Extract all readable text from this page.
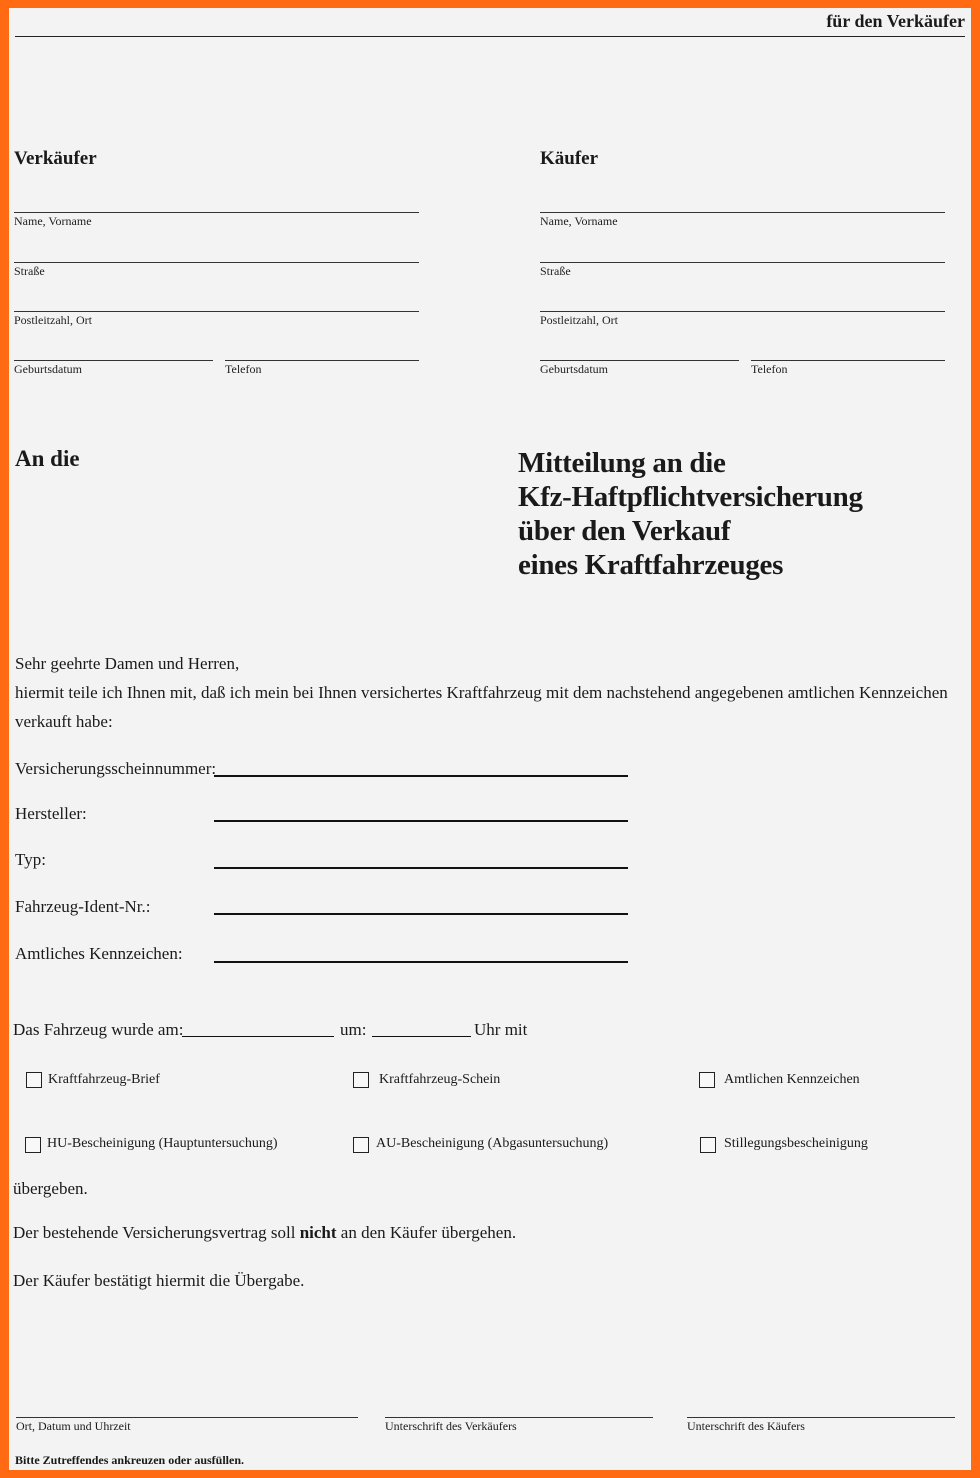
für den Verkäufer
Verkäufer
Name, Vorname
Straße
Postleitzahl, Ort
Geburtsdatum	Telefon
Käufer
Name, Vorname
Straße
Postleitzahl, Ort
Geburtsdatum	Telefon
An die	Mitteilung an die
Kfz-Haftpflichtversicherung
über den Verkauf
eines Kraftfahrzeuges
Sehr geehrte Damen und Herren,
hiermit teile ich Ihnen mit, daß ich mein bei Ihnen versichertes Kraftfahrzeug mit dem nachstehend angegebenen amtlichen Kennzeichen
verkauft habe:
Versicherungsscheinnummer:
Hersteller:
Typ:
Fahrzeug-Ident-Nr.:
Amtliches Kennzeichen:
Das Fahrzeug wurde am:	um:	Uhr mit
Kraftfahrzeug-Brief	Kraftfahrzeug-Schein	Amtlichen Kennzeichen
HU-Bescheinigung (Hauptuntersuchung)	AU-Bescheinigung (Abgasuntersuchung)	Stillegungsbescheinigung
übergeben.
Der bestehende Versicherungsvertrag soll nicht an den Käufer übergehen.
Der Käufer bestätigt hiermit die Übergabe.
Ort, Datum und Uhrzeit	Unterschrift des Verkäufers	Unterschrift des Käufers
Bitte Zutreffendes ankreuzen oder ausfüllen.
